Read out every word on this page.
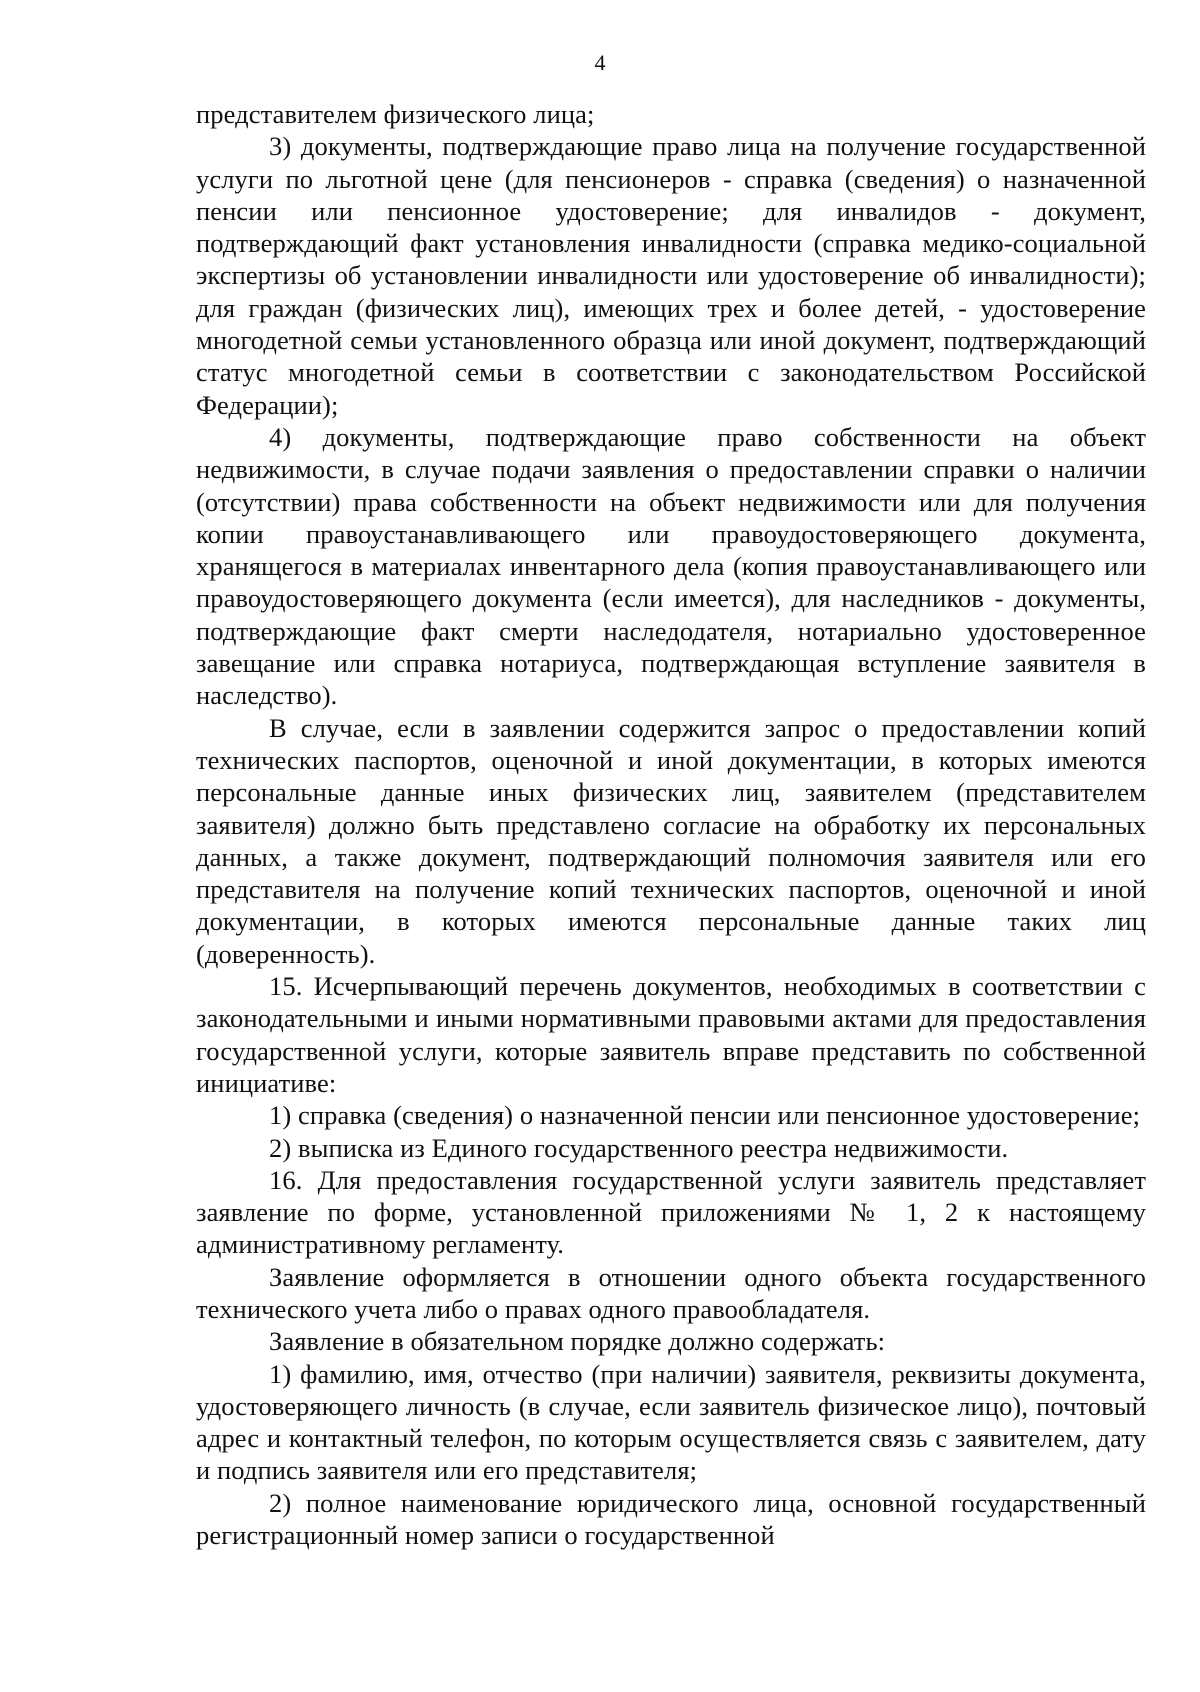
4

представителем физического лица;

3) документы, подтверждающие право лица на получение государственной услуги по льготной цене (для пенсионеров - справка (сведения) о назначенной пенсии или пенсионное удостоверение; для инвалидов - документ, подтверждающий факт установления инвалидности (справка медико-социальной экспертизы об установлении инвалидности или удостоверение об инвалидности); для граждан (физических лиц), имеющих трех и более детей, - удостоверение многодетной семьи установленного образца или иной документ, подтверждающий статус многодетной семьи в соответствии с законодательством Российской Федерации);

4) документы, подтверждающие право собственности на объект недвижимости, в случае подачи заявления о предоставлении справки о наличии (отсутствии) права собственности на объект недвижимости или для получения копии правоустанавливающего или правоудостоверяющего документа, хранящегося в материалах инвентарного дела (копия правоустанавливающего или правоудостоверяющего документа (если имеется), для наследников - документы, подтверждающие факт смерти наследодателя, нотариально удостоверенное завещание или справка нотариуса, подтверждающая вступление заявителя в наследство).

В случае, если в заявлении содержится запрос о предоставлении копий технических паспортов, оценочной и иной документации, в которых имеются персональные данные иных физических лиц, заявителем (представителем заявителя) должно быть представлено согласие на обработку их персональных данных, а также документ, подтверждающий полномочия заявителя или его представителя на получение копий технических паспортов, оценочной и иной документации, в которых имеются персональные данные таких лиц (доверенность).

15. Исчерпывающий перечень документов, необходимых в соответствии с законодательными и иными нормативными правовыми актами для предоставления государственной услуги, которые заявитель вправе представить по собственной инициативе:

1) справка (сведения) о назначенной пенсии или пенсионное удостоверение;

2) выписка из Единого государственного реестра недвижимости.

16. Для предоставления государственной услуги заявитель представляет заявление по форме, установленной приложениями № 1, 2 к настоящему административному регламенту.

Заявление оформляется в отношении одного объекта государственного технического учета либо о правах одного правообладателя.

Заявление в обязательном порядке должно содержать:

1) фамилию, имя, отчество (при наличии) заявителя, реквизиты документа, удостоверяющего личность (в случае, если заявитель физическое лицо), почтовый адрес и контактный телефон, по которым осуществляется связь с заявителем, дату и подпись заявителя или его представителя;

2) полное наименование юридического лица, основной государственный регистрационный номер записи о государственной
